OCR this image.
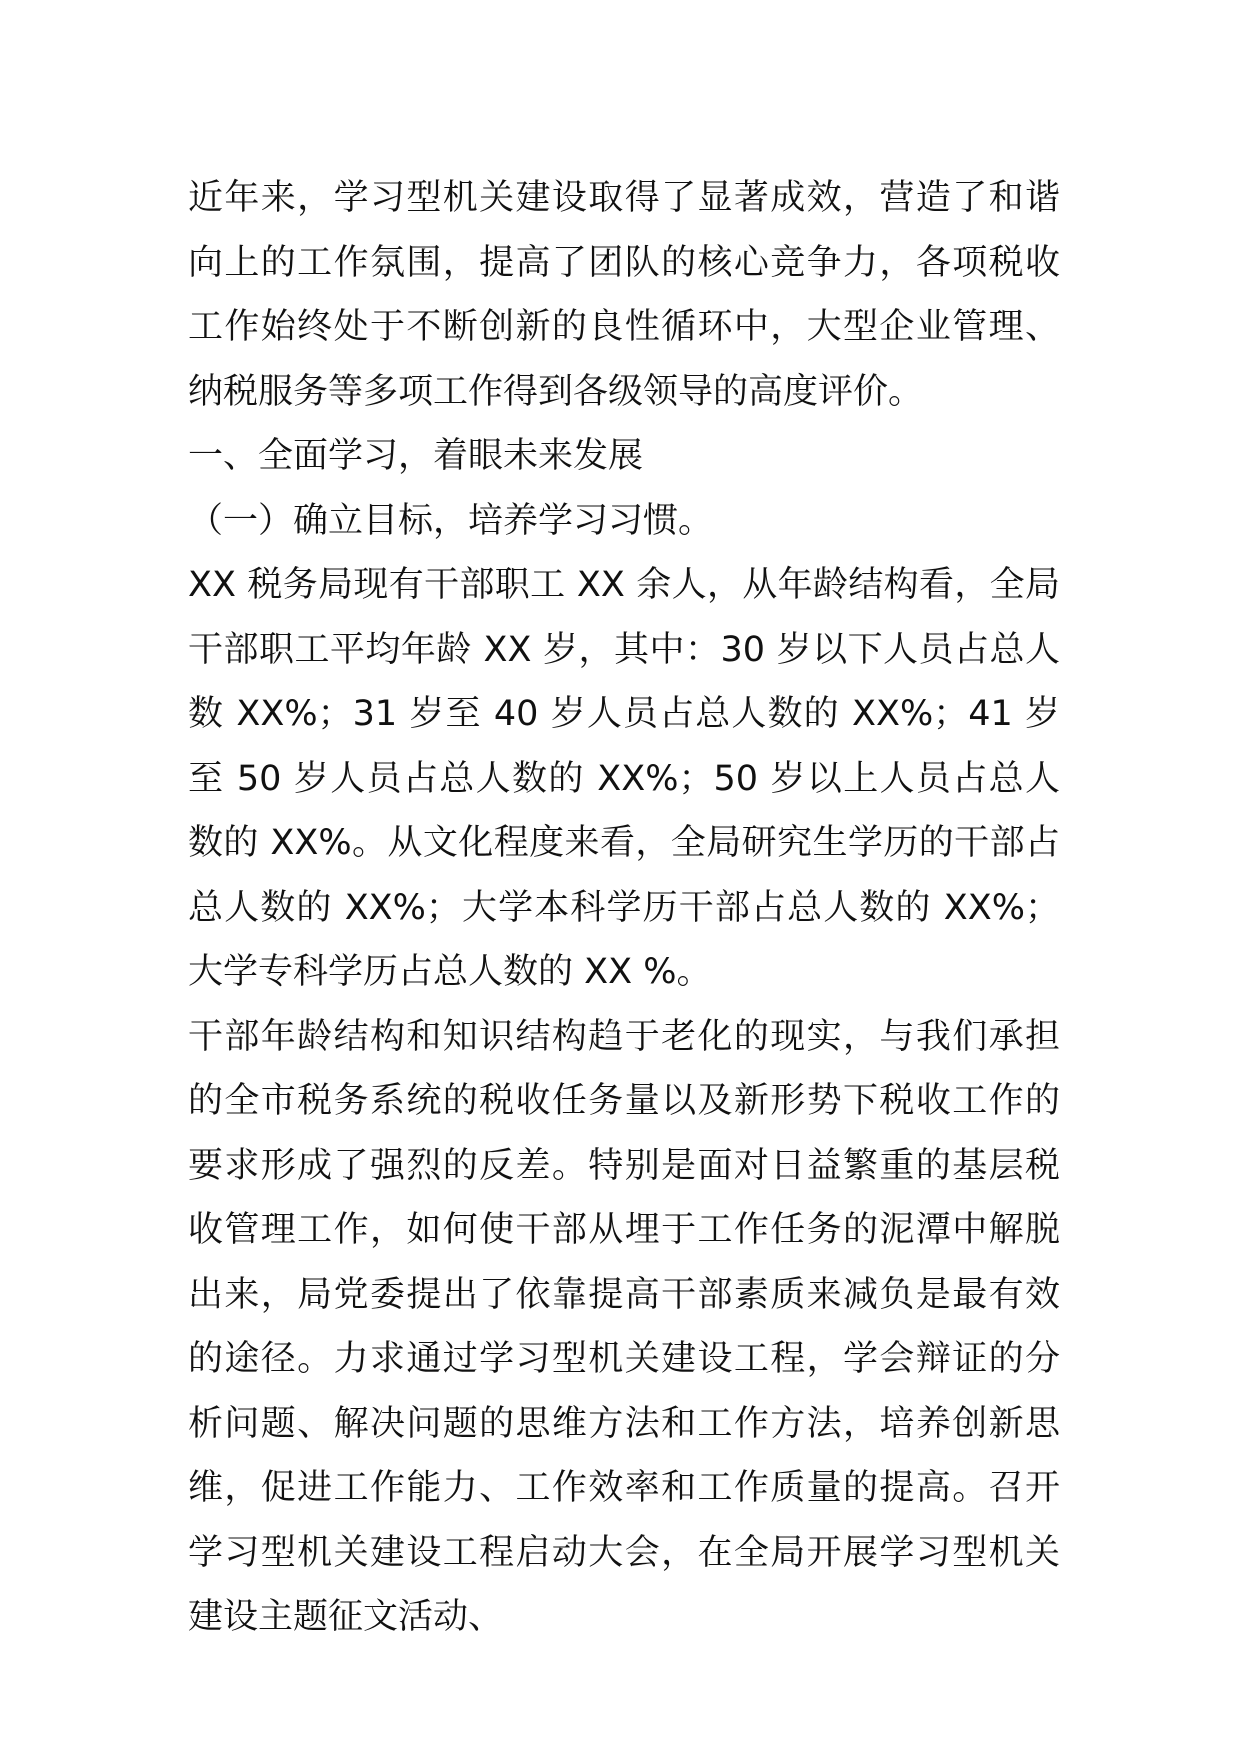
近年来，学习型机关建设取得了显著成效，营造了和谐向上的工作氛围，提高了团队的核心竞争力，各项税收工作始终处于不断创新的良性循环中，大型企业管理、纳税服务等多项工作得到各级领导的高度评价。

一、全面学习，着眼未来发展

（一）确立目标，培养学习习惯。

XX 税务局现有干部职工 XX 余人，从年龄结构看，全局干部职工平均年龄 XX 岁，其中：30 岁以下人员占总人数 XX%；31 岁至 40 岁人员占总人数的 XX%；41 岁至 50 岁人员占总人数的 XX%；50 岁以上人员占总人数的 XX%。从文化程度来看，全局研究生学历的干部占总人数的 XX%；大学本科学历干部占总人数的 XX%；大学专科学历占总人数的 XX %。

干部年龄结构和知识结构趋于老化的现实，与我们承担的全市税务系统的税收任务量以及新形势下税收工作的要求形成了强烈的反差。特别是面对日益繁重的基层税收管理工作，如何使干部从埋于工作任务的泥潭中解脱出来，局党委提出了依靠提高干部素质来减负是最有效的途径。力求通过学习型机关建设工程，学会辩证的分析问题、解决问题的思维方法和工作方法，培养创新思维，促进工作能力、工作效率和工作质量的提高。召开学习型机关建设工程启动大会，在全局开展学习型机关建设主题征文活动、
